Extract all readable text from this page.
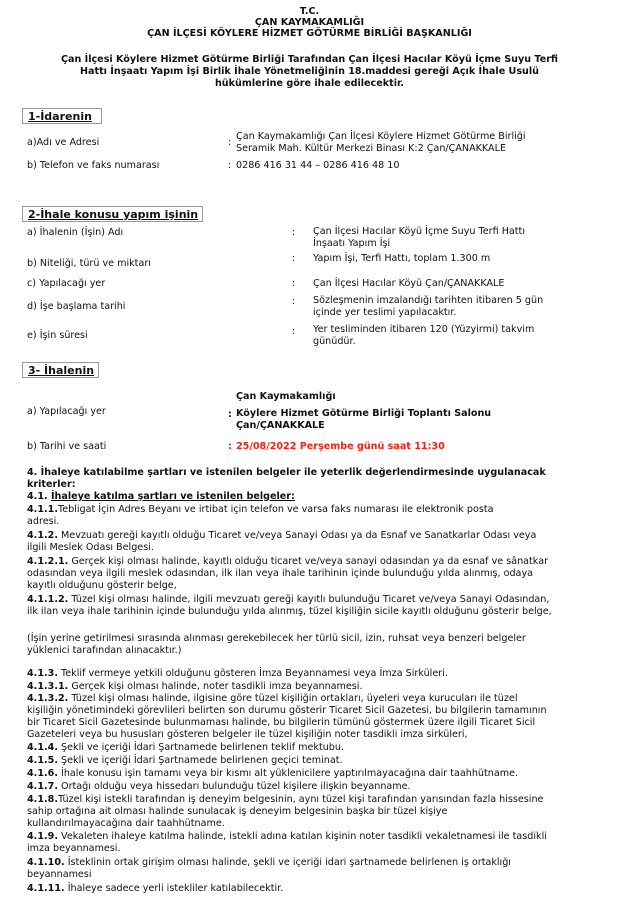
T.C.
ÇAN KAYMAKAMLIĞI
ÇAN İLÇESİ KÖYLERE HİZMET GÖTÜRME BİRLİĞİ BAŞKANLIĞI
Çan İlçesi Köylere Hizmet Götürme Birliği Tarafından Çan İlçesi Hacılar Köyü İçme Suyu Terfi
Hattı İnşaatı Yapım İşi Birlik İhale Yönetmeliğinin 18.maddesi gereği Açık İhale Usulü
hükümlerine göre ihale edilecektir.
1-İdarenin
a)Adı ve Adresi	:
Çan Kaymakamlığı Çan İlçesi Köylere Hizmet Götürme Birliği
Seramik Mah. Kültür Merkezi Binası K:2 Çan/ÇANAKKALE
b) Telefon ve faks numarası	: 0286 416 31 44 – 0286 416 48 10
2-İhale konusu yapım işinin
a) İhalenin (İşin) Adı	: Çan İlçesi Hacılar Köyü İçme Suyu Terfi Hattı
İnşaatı Yapım İşi
b) Niteliği, türü ve miktarı	: Yapım İşi, Terfi Hattı, toplam 1.300 m
c) Yapılacağı yer	: Çan İlçesi Hacılar Köyü Çan/ÇANAKKALE
d) İşe başlama tarihi	: Sözleşmenin imzalandığı tarihten itibaren 5 gün
içinde yer teslimi yapılacaktır.
e) İşin süresi	: Yer tesliminden itibaren 120 (Yüzyirmi) takvim
günüdür.
3- İhalenin
Çan Kaymakamlığı
a) Yapılacağı yer	: Köylere Hizmet Götürme Birliği Toplantı Salonu
Çan/ÇANAKKALE
b) Tarihi ve saati	: 25/08/2022 Perşembe günü saat 11:30
4. İhaleye katılabilme şartları ve istenilen belgeler ile yeterlik değerlendirmesinde uygulanacak
kriterler:
4.1. İhaleye katılma şartları ve istenilen belgeler:
4.1.1.Tebligat İçin Adres Beyanı ve irtibat için telefon ve varsa faks numarası ile elektronik posta
adresi.
4.1.2. Mevzuatı gereği kayıtlı olduğu Ticaret ve/veya Sanayi Odası ya da Esnaf ve Sanatkarlar Odası veya
ilgili Meslek Odası Belgesi.
4.1.2.1. Gerçek kişi olması halinde, kayıtlı olduğu ticaret ve/veya sanayi odasından ya da esnaf ve sânatkar
odasından veya ilgili meslek odasından, ilk ilan veya ihale tarihinin içinde bulunduğu yılda alınmış, odaya
kayıtlı olduğunu gösterir belge,
4.1.1.2. Tüzel kişi olması halinde, ilgili mevzuatı gereği kayıtlı bulunduğu Ticaret ve/veya Sanayi Odasından,
ilk ilan veya ihale tarihinin içinde bulunduğu yılda alınmış, tüzel kişiliğin sicile kayıtlı olduğunu gösterir belge,
(İşin yerine getirilmesi sırasında alınması gerekebilecek her türlü sicil, izin, ruhsat veya benzeri belgeler
yüklenici tarafından alınacaktır.)
4.1.3. Teklif vermeye yetkili olduğunu gösteren İmza Beyannamesi veya İmza Sirküleri.
4.1.3.1. Gerçek kişi olması halinde, noter tasdikli imza beyannamesi.
4.1.3.2. Tüzel kişi olması halinde, ilgisine göre tüzel kişiliğin ortakları, üyeleri veya kurucuları ile tüzel
kişiliğin yönetimindeki görevlileri belirten son durumu gösterir Ticaret Sicil Gazetesi, bu bilgilerin tamamının
bir Ticaret Sicil Gazetesinde bulunmaması halinde, bu bilgilerin tümünü göstermek üzere ilgili Ticaret Sicil
Gazeteleri veya bu hususları gösteren belgeler ile tüzel kişiliğin noter tasdikli imza sirküleri,
4.1.4. Şekli ve içeriği İdari Şartnamede belirlenen teklif mektubu.
4.1.5. Şekli ve içeriği İdari Şartnamede belirlenen geçici teminat.
4.1.6. İhale konusu işin tamamı veya bir kısmı alt yüklenicilere yaptırılmayacağına dair taahhütname.
4.1.7. Ortağı olduğu veya hissedarı bulunduğu tüzel kişilere ilişkin beyanname.
4.1.8.Tüzel kişi istekli tarafından iş deneyim belgesinin, aynı tüzel kişi tarafından yarısından fazla hissesine
sahip ortağına ait olması halinde sunulacak iş deneyim belgesinin başka bir tüzel kişiye
kullandırılmayacağına dair taahhütname.
4.1.9. Vekaleten ihaleye katılma halinde, istekli adına katılan kişinin noter tasdikli vekaletnamesi ile tasdikli
imza beyannamesi.
4.1.10. İsteklinin ortak girişim olması halinde, şekli ve içeriği idari şartnamede belirlenen iş ortaklığı
beyannamesi
4.1.11. İhaleye sadece yerli istekliler katılabilecektir.
